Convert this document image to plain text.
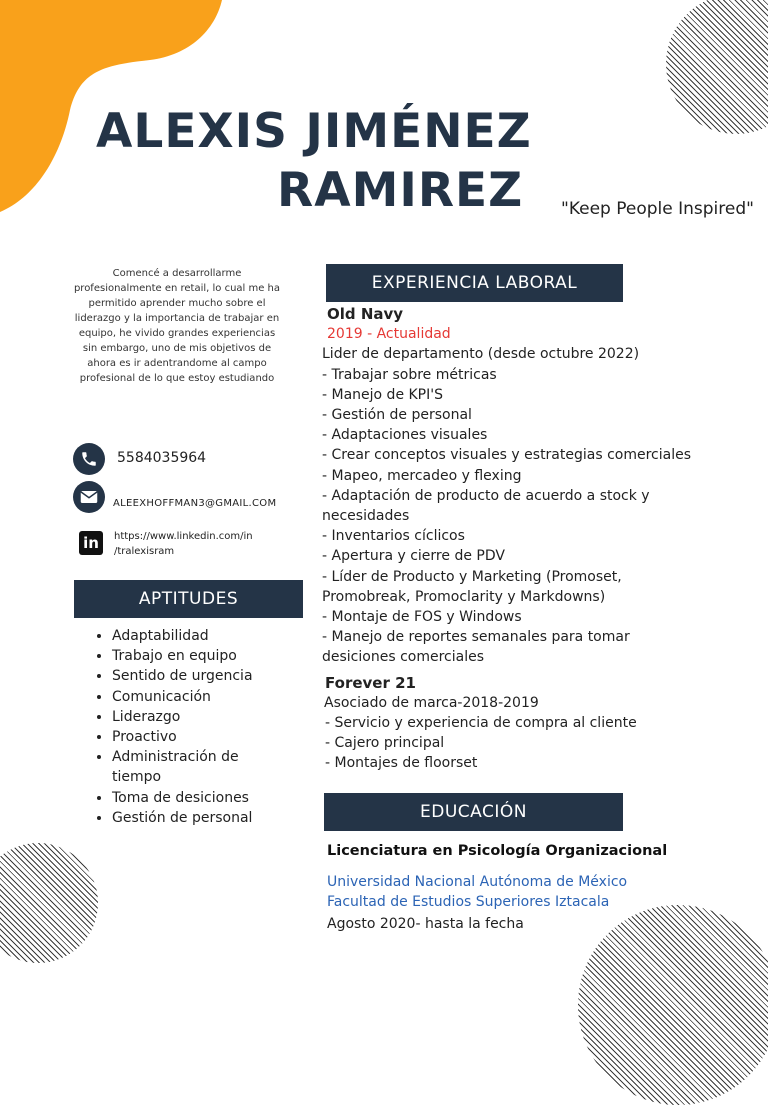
ALEXIS JIMÉNEZ
RAMIREZ "Keep People Inspired"
Comencé a desarrollarme profesionalmente en retail, lo cual me ha permitido aprender mucho sobre el liderazgo y la importancia de trabajar en equipo, he vivido grandes experiencias sin embargo, uno de mis objetivos de ahora es ir adentrandome al campo profesional de lo que estoy estudiando
5584035964
ALEEXHOFFMAN3@GMAIL.COM
in	https://www.linkedin.com/in
/tralexisram
APTITUDES
• Adaptabilidad
• Trabajo en equipo
• Sentido de urgencia
• Comunicación
• Liderazgo
• Proactivo
• Administración de tiempo
• Toma de desiciones
• Gestión de personal
EXPERIENCIA LABORAL
Old Navy
2019 - Actualidad
Lider de departamento (desde octubre 2022)
- Trabajar sobre métricas
- Manejo de KPI'S
- Gestión de personal
- Adaptaciones visuales
- Crear conceptos visuales y estrategias comerciales
- Mapeo, mercadeo y flexing
- Adaptación de producto de acuerdo a stock y necesidades
- Inventarios cíclicos
- Apertura y cierre de PDV
- Líder de Producto y Marketing (Promoset, Promobreak, Promoclarity y Markdowns)
- Montaje de FOS y Windows
- Manejo de reportes semanales para tomar desiciones comerciales
Forever 21
Asociado de marca-2018-2019
- Servicio y experiencia de compra al cliente
- Cajero principal
- Montajes de floorset
EDUCACIÓN
Licenciatura en Psicología Organizacional
Universidad Nacional Autónoma de México
Facultad de Estudios Superiores Iztacala
Agosto 2020- hasta la fecha
